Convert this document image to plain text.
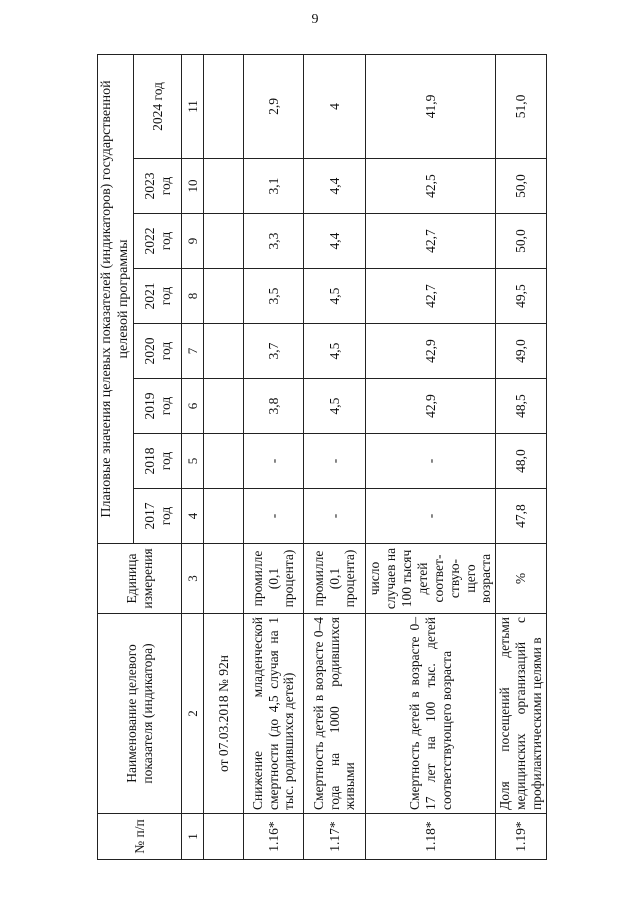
9
№ п/п	Наименование целевого показателя (индикатора)	Единица измерения	Плановые значения целевых показателей (индикаторов) государственной целевой программы							
			2017 год	2018 год	2019 год	2020 год	2021 год	2022 год	2023 год	2024 год
1	2	3	4	5	6	7	8	9	10	11
	от 07.03.2018 № 92н									
1.16*	Снижение младенческой смертности (до 4,5 случая на 1 тыс. родившихся детей)	промилле (0,1 процента)	-	-	3,8	3,7	3,5	3,3	3,1	2,9
1.17*	Смертность детей в возрасте 0–4 года на 1000 родившихся живыми	промилле (0,1 процента)	-	-	4,5	4,5	4,5	4,4	4,4	4
1.18*	Смертность детей в возрасте 0–17 лет на 100 тыс. детей соответствующего возраста	число случаев на 100 тысяч детей соответ-ствую-щего возраста	-	-	42,9	42,9	42,7	42,7	42,5	41,9
1.19*	Доля посещений детьми медицинских организаций с профилактическими целями в	%	47,8	48,0	48,5	49,0	49,5	50,0	50,0	51,0
